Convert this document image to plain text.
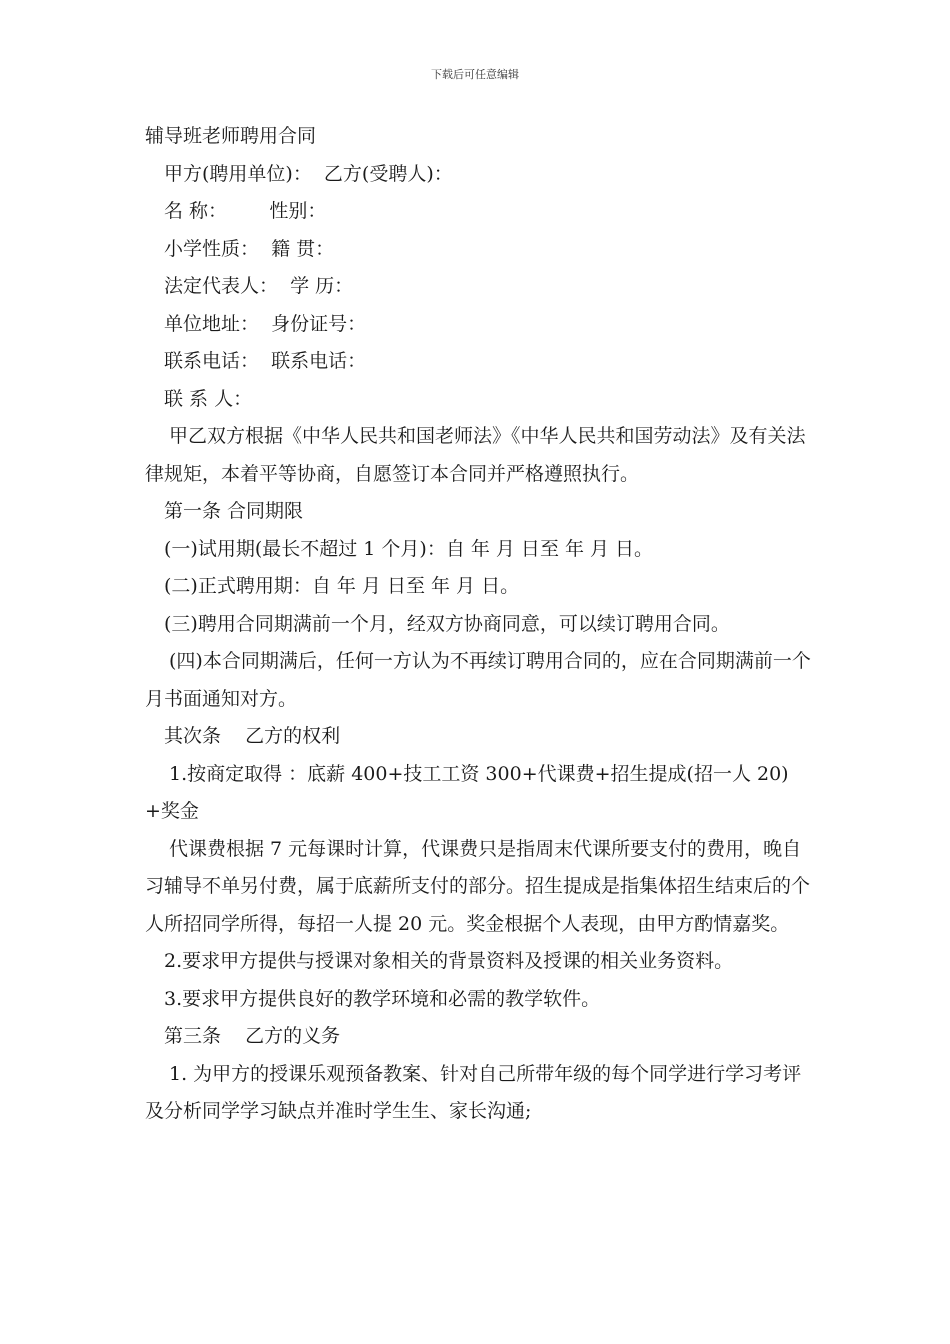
下载后可任意编辑

辅导班老师聘用合同

甲方(聘用单位)：  乙方(受聘人)：

名 称：       性别：

小学性质：  籍 贯：

法定代表人：  学 历：

单位地址：  身份证号：

联系电话：  联系电话：

联 系 人：

甲乙双方根据《中华人民共和国老师法》《中华人民共和国劳动法》及有关法律规矩，本着平等协商，自愿签订本合同并严格遵照执行。

第一条 合同期限

(一)试用期(最长不超过 1 个月)：自 年 月 日至 年 月 日。

(二)正式聘用期：自 年 月 日至 年 月 日。

(三)聘用合同期满前一个月，经双方协商同意，可以续订聘用合同。

(四)本合同期满后，任何一方认为不再续订聘用合同的，应在合同期满前一个月书面通知对方。

其次条    乙方的权利

1.按商定取得 ：底薪 400+技工工资 300+代课费+招生提成(招一人 20)+奖金

代课费根据 7 元每课时计算，代课费只是指周末代课所要支付的费用，晚自习辅导不单另付费，属于底薪所支付的部分。招生提成是指集体招生结束后的个人所招同学所得，每招一人提 20 元。奖金根据个人表现，由甲方酌情嘉奖。

2.要求甲方提供与授课对象相关的背景资料及授课的相关业务资料。

3.要求甲方提供良好的教学环境和必需的教学软件。

第三条    乙方的义务

1. 为甲方的授课乐观预备教案、针对自己所带年级的每个同学进行学习考评及分析同学学习缺点并准时学生生、家长沟通;
